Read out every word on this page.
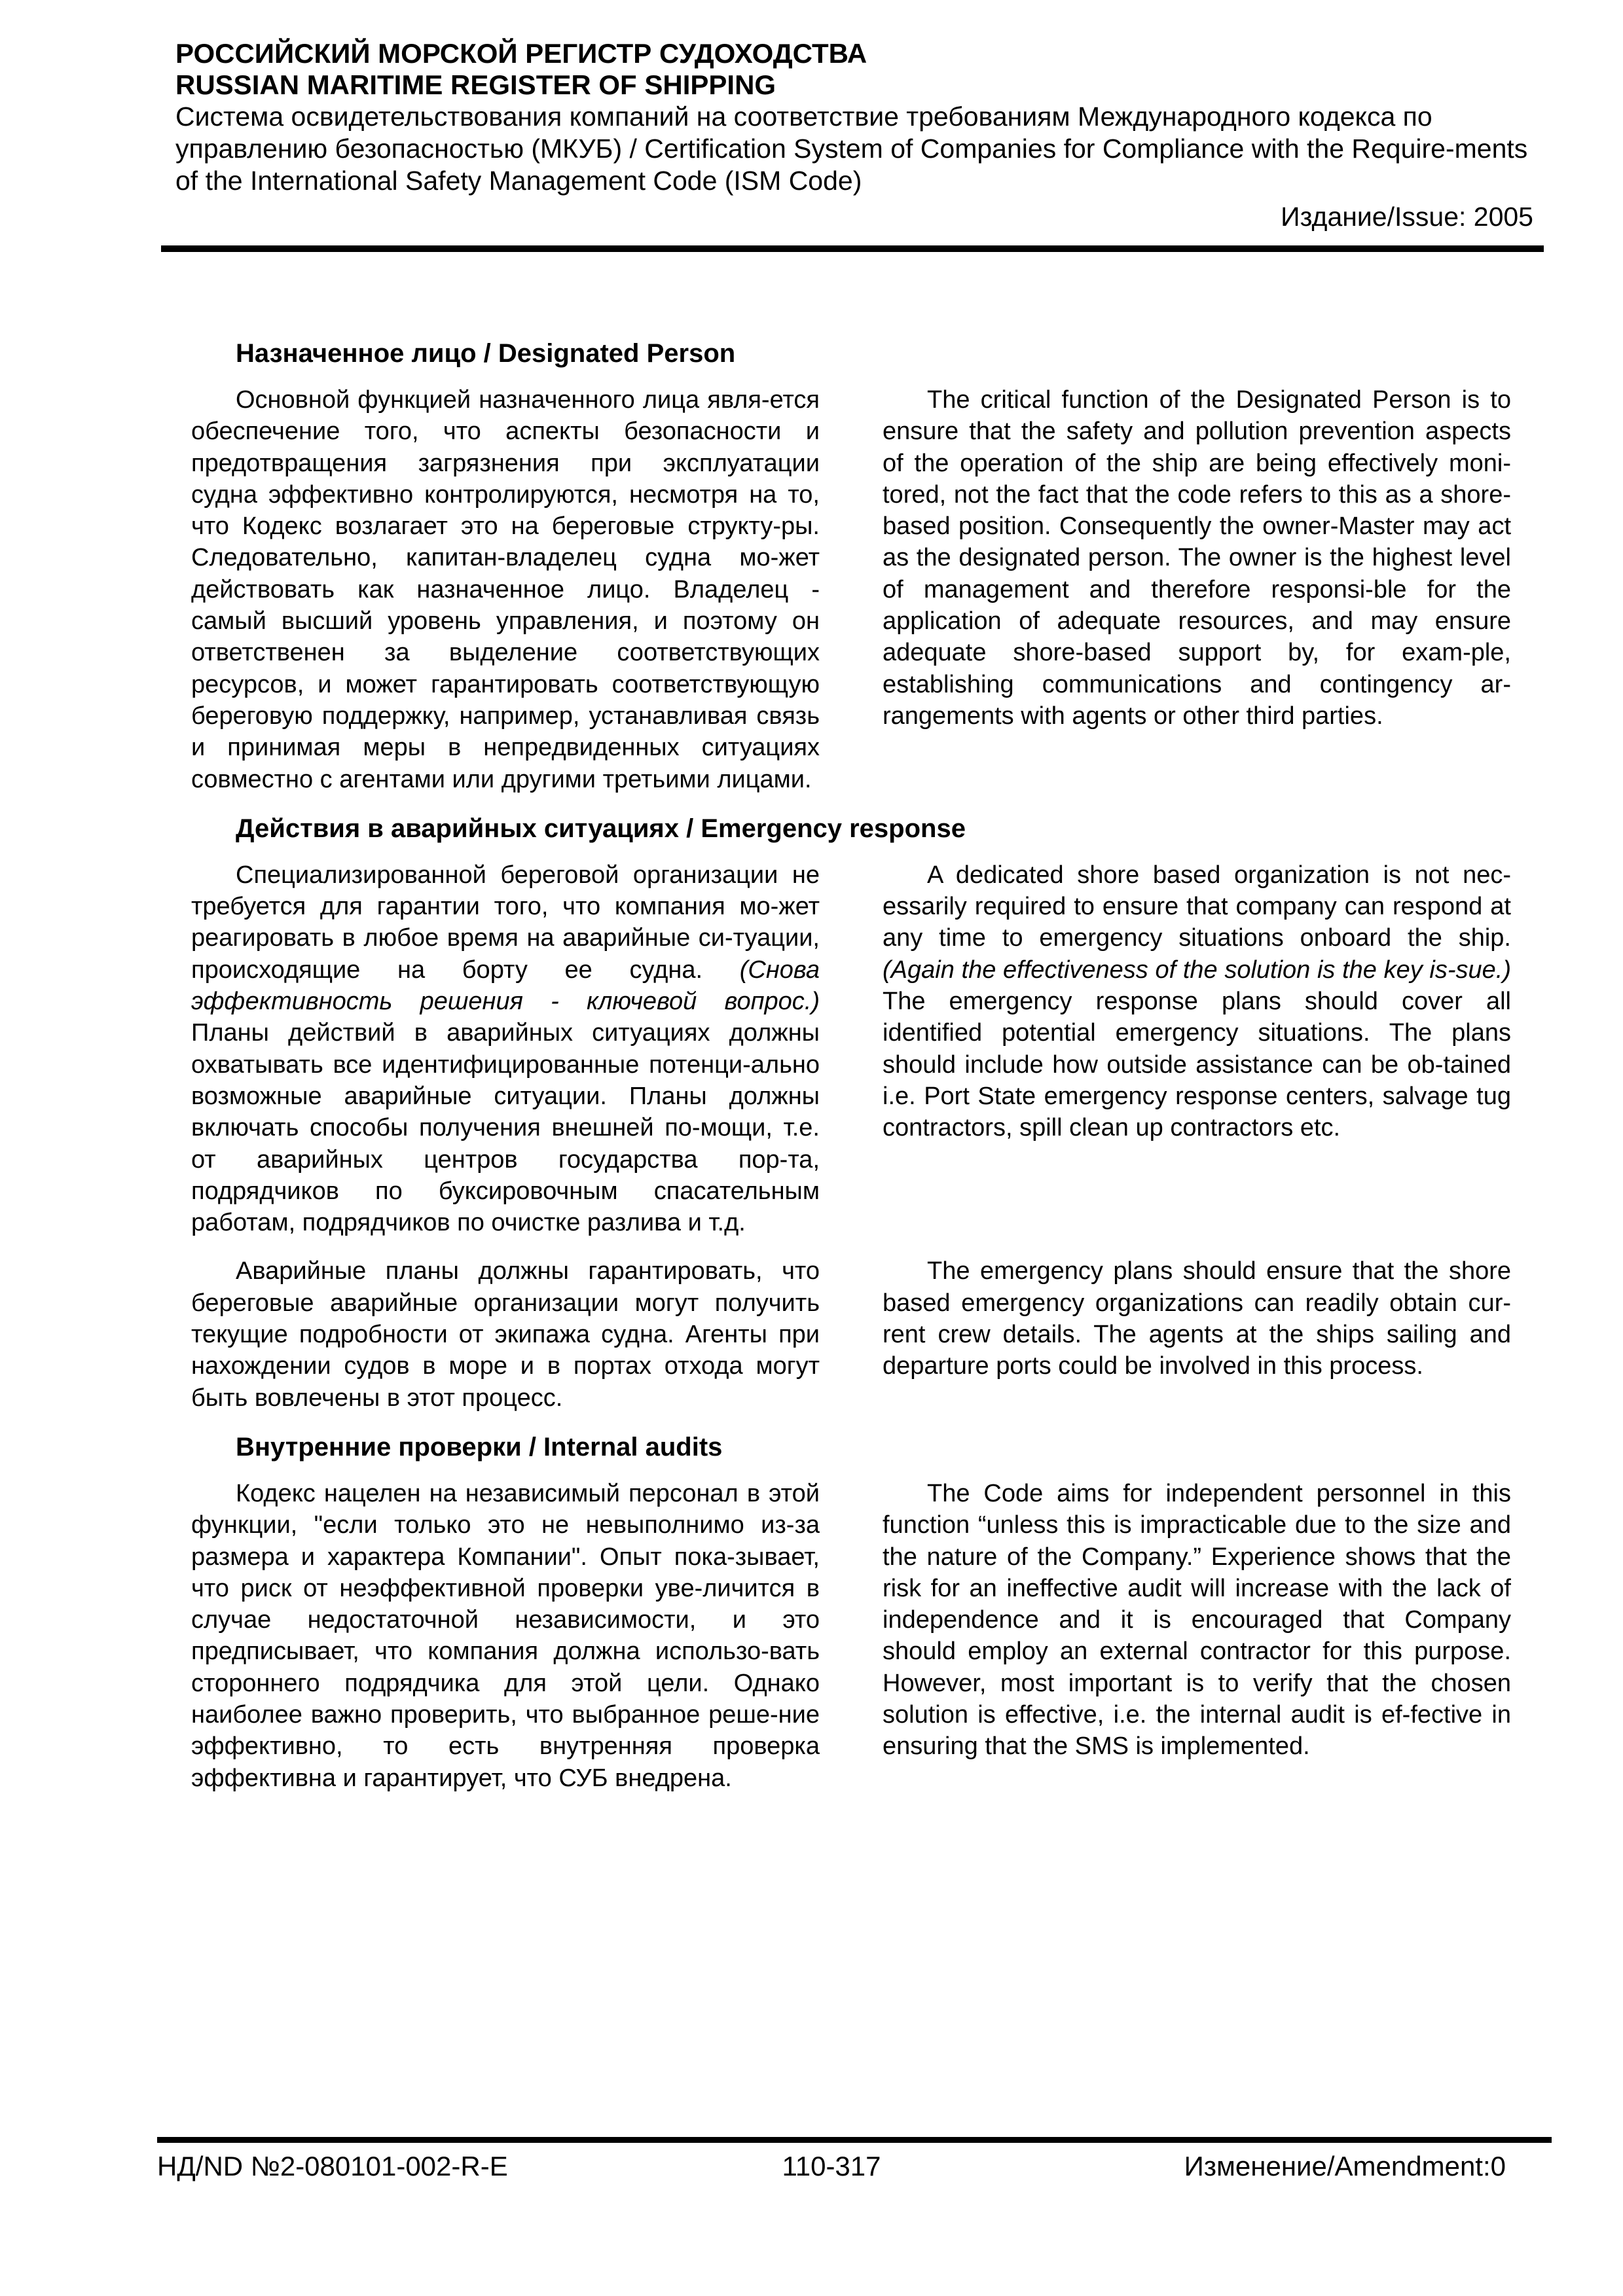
РОССИЙСКИЙ МОРСКОЙ РЕГИСТР СУДОХОДСТВА
RUSSIAN MARITIME REGISTER OF SHIPPING
Система освидетельствования компаний на соответствие требованиям Международного кодекса по управлению безопасностью (МКУБ) / Certification System of Companies for Compliance with the Require-ments of the International Safety Management Code (ISM Code)
Издание/Issue: 2005
Назначенное лицо / Designated Person
Основной функцией назначенного лица явля-ется обеспечение того, что аспекты безопасности и предотвращения загрязнения при эксплуатации судна эффективно контролируются, несмотря на то, что Кодекс возлагает это на береговые структу-ры. Следовательно, капитан-владелец судна мо-жет действовать как назначенное лицо. Владелец - самый высший уровень управления, и поэтому он ответственен за выделение соответствующих ресурсов, и может гарантировать соответствующую береговую поддержку, например, устанавливая связь и принимая меры в непредвиденных ситуациях совместно с агентами или другими третьими лицами.
The critical function of the Designated Person is to ensure that the safety and pollution prevention aspects of the operation of the ship are being effectively moni-tored, not the fact that the code refers to this as a shore-based position. Consequently the owner-Master may act as the designated person. The owner is the highest level of management and therefore responsi-ble for the application of adequate resources, and may ensure adequate shore-based support by, for exam-ple, establishing communications and contingency ar-rangements with agents or other third parties.
Действия в аварийных ситуациях / Emergency response
Специализированной береговой организации не требуется для гарантии того, что компания мо-жет реагировать в любое время на аварийные си-туации, происходящие на борту ее судна. (Снова эффективность решения - ключевой вопрос.) Планы действий в аварийных ситуациях должны охватывать все идентифицированные потенци-ально возможные аварийные ситуации. Планы должны включать способы получения внешней по-мощи, т.е. от аварийных центров государства пор-та, подрядчиков по буксировочным спасательным работам, подрядчиков по очистке разлива и т.д.
A dedicated shore based organization is not nec-essarily required to ensure that company can respond at any time to emergency situations onboard the ship. (Again the effectiveness of the solution is the key is-sue.) The emergency response plans should cover all identified potential emergency situations. The plans should include how outside assistance can be ob-tained i.e. Port State emergency response centers, salvage tug contractors, spill clean up contractors etc.
Аварийные планы должны гарантировать, что береговые аварийные организации могут получить текущие подробности от экипажа судна. Агенты при нахождении судов в море и в портах отхода могут быть вовлечены в этот процесс.
The emergency plans should ensure that the shore based emergency organizations can readily obtain cur-rent crew details. The agents at the ships sailing and departure ports could be involved in this process.
Внутренние проверки / Internal audits
Кодекс нацелен на независимый персонал в этой функции, "если только это не невыполнимо из-за размера и характера Компании". Опыт пока-зывает, что риск от неэффективной проверки уве-личится в случае недостаточной независимости, и это предписывает, что компания должна использо-вать стороннего подрядчика для этой цели. Однако наиболее важно проверить, что выбранное реше-ние эффективно, то есть внутренняя проверка эффективна и гарантирует, что СУБ внедрена.
The Code aims for independent personnel in this function “unless this is impracticable due to the size and the nature of the Company.” Experience shows that the risk for an ineffective audit will increase with the lack of independence and it is encouraged that Company should employ an external contractor for this purpose. However, most important is to verify that the chosen solution is effective, i.e. the internal audit is ef-fective in ensuring that the SMS is implemented.
НД/ND №2-080101-002-R-E	110-317	Изменение/Amendment:0
